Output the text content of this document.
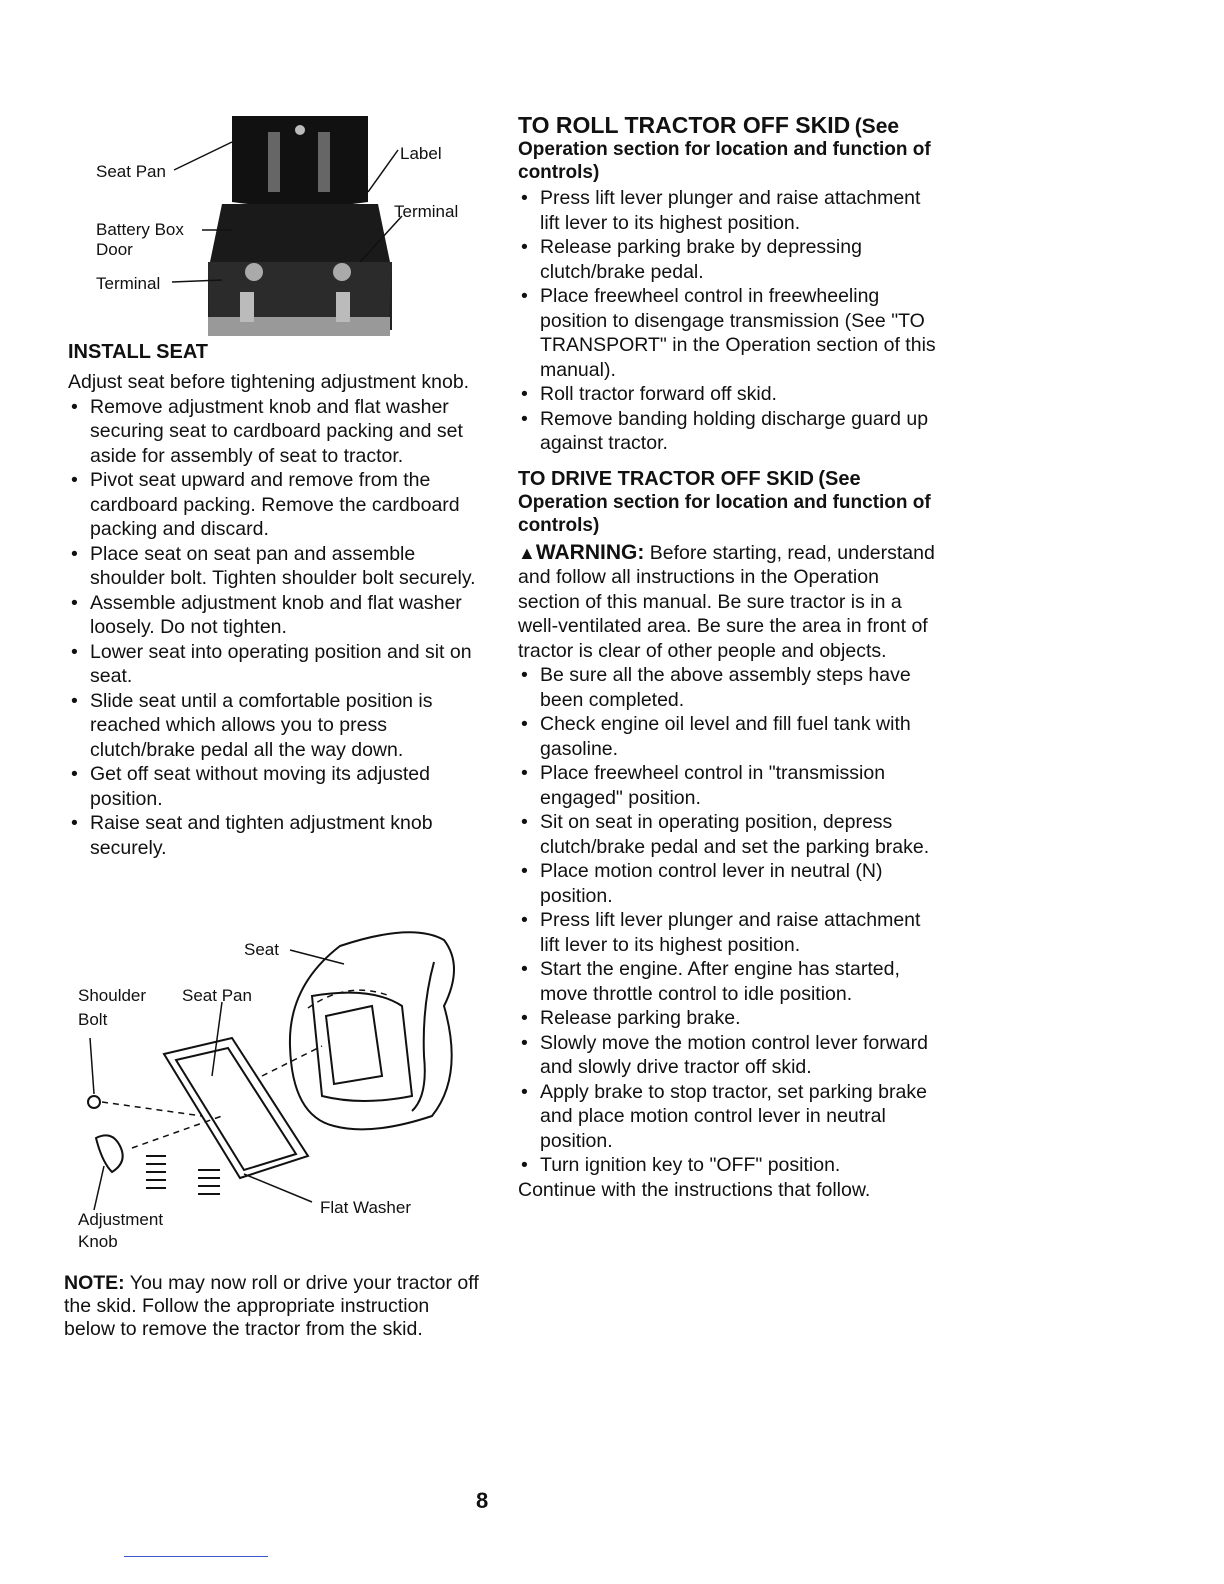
Seat Pan
Battery Box
Door
Terminal
Label
Terminal
INSTALL SEAT

Adjust seat before tightening adjustment knob.

• Remove adjustment knob and flat washer securing seat to cardboard packing and set aside for assembly of seat to tractor.
• Pivot seat upward and remove from the cardboard packing. Remove the cardboard packing and discard.
• Place seat on seat pan and assemble shoulder bolt. Tighten shoulder bolt securely.
• Assemble adjustment knob and flat washer loosely. Do not tighten.
• Lower seat into operating position and sit on seat.
• Slide seat until a comfortable position is reached which allows you to press clutch/brake pedal all the way down.
• Get off seat without moving its adjusted position.
• Raise seat and tighten adjustment knob securely.
Seat
Shoulder
Bolt
Seat Pan
Adjustment
Knob
Flat Washer

NOTE: You may now roll or drive your tractor off the skid. Follow the appropriate instruction below to remove the tractor from the skid.

TO ROLL TRACTOR OFF SKID (See
Operation section for location and function of controls)
• Press lift lever plunger and raise attachment lift lever to its highest position.
• Release parking brake by depressing clutch/brake pedal.
• Place freewheel control in freewheeling position to disengage transmission (See "TO TRANSPORT" in the Operation section of this manual).
• Roll tractor forward off skid.
• Remove banding holding discharge guard up against tractor.
TO DRIVE TRACTOR OFF SKID (See
Operation section for location and function of controls)

▲WARNING: Before starting, read, understand and follow all instructions in the Operation section of this manual. Be sure tractor is in a well-ventilated area. Be sure the area in front of tractor is clear of other people and objects.

• Be sure all the above assembly steps have been completed.
• Check engine oil level and fill fuel tank with gasoline.
• Place freewheel control in "transmission engaged" position.
• Sit on seat in operating position, depress clutch/brake pedal and set the parking brake.
• Place motion control lever in neutral (N) position.
• Press lift lever plunger and raise attachment lift lever to its highest position.
• Start the engine. After engine has started, move throttle control to idle position.
• Release parking brake.
• Slowly move the motion control lever forward and slowly drive tractor off skid.
• Apply brake to stop tractor, set parking brake and place motion control lever in neutral position.
• Turn ignition key to "OFF" position.

Continue with the instructions that follow.

8
